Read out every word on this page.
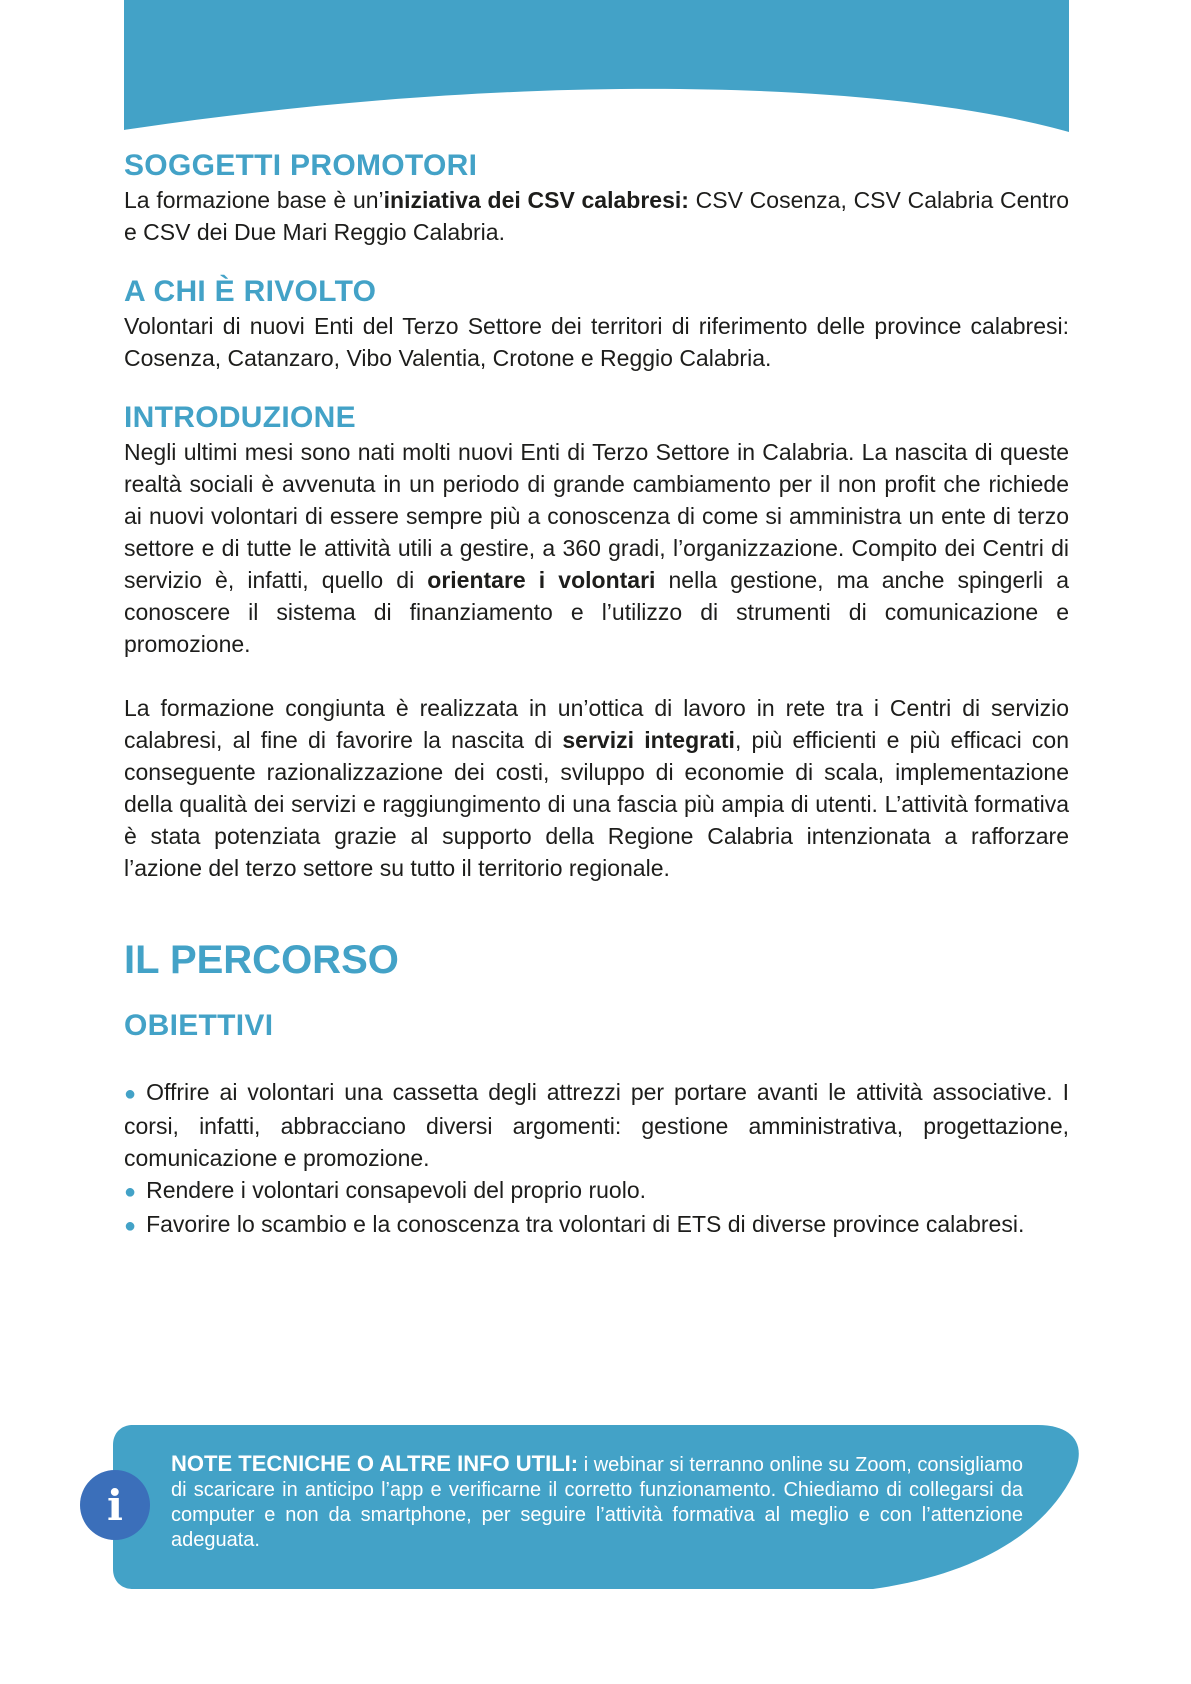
SOGGETTI PROMOTORI

La formazione base è un’iniziativa dei CSV calabresi: CSV Cosenza, CSV Calabria Centro e CSV dei Due Mari Reggio Calabria.

A CHI È RIVOLTO

Volontari di nuovi Enti del Terzo Settore dei territori di riferimento delle province calabresi: Cosenza, Catanzaro, Vibo Valentia, Crotone e Reggio Calabria.

INTRODUZIONE

Negli ultimi mesi sono nati molti nuovi Enti di Terzo Settore in Calabria. La nascita di queste realtà sociali è avvenuta in un periodo di grande cambiamento per il non profit che richiede ai nuovi volontari di essere sempre più a conoscenza di come si amministra un ente di terzo settore e di tutte le attività utili a gestire, a 360 gradi, l’organizzazione. Compito dei Centri di servizio è, infatti, quello di orientare i volontari nella gestione, ma anche spingerli a conoscere il sistema di finanziamento e l’utilizzo di strumenti di comunicazione e promozione.

La formazione congiunta è realizzata in un’ottica di lavoro in rete tra i Centri di servizio calabresi, al fine di favorire la nascita di servizi integrati, più efficienti e più efficaci con conseguente razionalizzazione dei costi, sviluppo di economie di scala, implementazione della qualità dei servizi e raggiungimento di una fascia più ampia di utenti. L’attività formativa è stata potenziata grazie al supporto della Regione Calabria intenzionata a rafforzare l’azione del terzo settore su tutto il territorio regionale.

IL PERCORSO
OBIETTIVI

● Offrire ai volontari una cassetta degli attrezzi per portare avanti le attività associative. I corsi, infatti, abbracciano diversi argomenti: gestione amministrativa, progettazione, comunicazione e promozione.

● Rendere i volontari consapevoli del proprio ruolo.

● Favorire lo scambio e la conoscenza tra volontari di ETS di diverse province calabresi.

NOTE TECNICHE O ALTRE INFO UTILI: i webinar si terranno online su Zoom, consigliamo di scaricare in anticipo l’app e verificarne il corretto funzionamento. Chiediamo di collegarsi da computer e non da smartphone, per seguire l’attività formativa al meglio e con l’attenzione adeguata.

i
